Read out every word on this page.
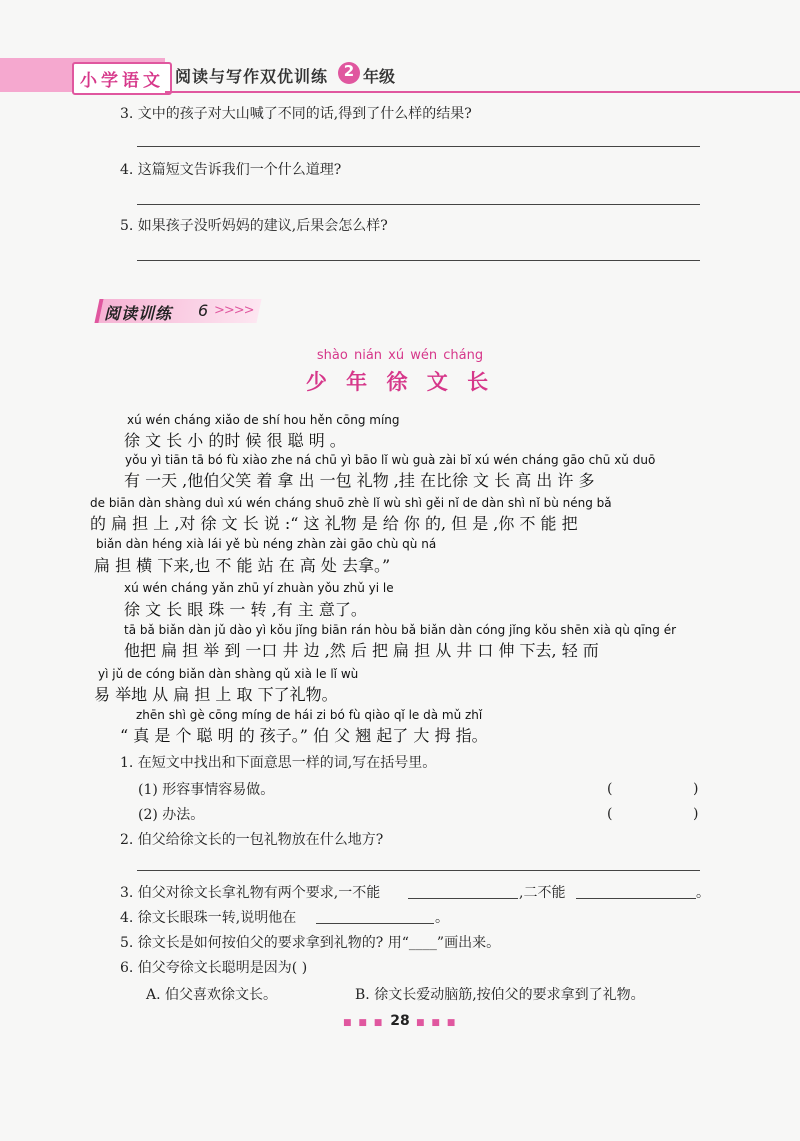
小学语文 阅读与写作双优训练	2 年级
3. 文中的孩子对大山喊了不同的话,得到了什么样的结果?
4. 这篇短文告诉我们一个什么道理?
5. 如果孩子没听妈妈的建议,后果会怎么样?
阅读训练 6 >>>>
shào nián xú wén cháng
少 年 徐 文 长
xú wén cháng xiǎo de shí hou hěn cōng míng
徐 文 长 小 的时 候 很 聪 明 。
yǒu yì tiān tā bó fù xiào zhe ná chū yì bāo lǐ wù guà zài bǐ xú wén cháng gāo chū xǔ duō
有 一天 ,他伯父笑 着 拿 出 一包 礼物 ,挂 在比徐 文 长 高 出 许 多
de biān dàn shàng duì xú wén cháng shuō zhè lǐ wù shì gěi nǐ de dàn shì nǐ bù néng bǎ
的 扁 担 上 ,对 徐 文 长 说 :“ 这 礼物 是 给 你 的, 但 是 ,你 不 能 把
biǎn dàn héng xià lái yě bù néng zhàn zài gāo chù qù ná
扁 担 横 下来,也 不 能 站 在 高 处 去拿。”
xú wén cháng yǎn zhū yí zhuàn yǒu zhǔ yi le
徐 文 长 眼 珠 一 转 ,有 主 意了。
tā bǎ biǎn dàn jǔ dào yì kǒu jǐng biān rán hòu bǎ biǎn dàn cóng jǐng kǒu shēn xià qù qīng ér
他把 扁 担 举 到 一口 井 边 ,然 后 把 扁 担 从 井 口 伸 下去, 轻 而
yì jǔ de cóng biǎn dàn shàng qǔ xià le lǐ wù
易 举地 从 扁 担 上 取 下了礼物。
zhēn shì gè cōng míng de hái zi bó fù qiào qǐ le dà mǔ zhǐ
“ 真 是 个 聪 明 的 孩子。” 伯 父 翘 起了 大 拇 指。
1. 在短文中找出和下面意思一样的词,写在括号里。
(1) 形容事情容易做。	(	)
(2) 办法。	(	)
2. 伯父给徐文长的一包礼物放在什么地方?
3. 伯父对徐文长拿礼物有两个要求,一不能	,二不能	。
4. 徐文长眼珠一转,说明他在	。
5. 徐文长是如何按伯父的要求拿到礼物的? 用“____”画出来。
6. 伯父夸徐文长聪明是因为( )
A. 伯父喜欢徐文长。	B. 徐文长爱动脑筋,按伯父的要求拿到了礼物。
■ ■ ■ 28 ■ ■ ■
